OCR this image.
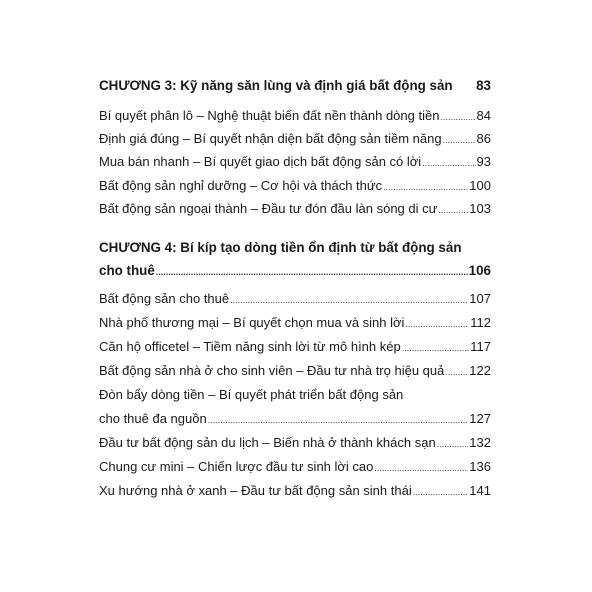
CHƯƠNG 3: Kỹ năng săn lùng và định giá bất động sản 83
Bí quyết phân lô – Nghệ thuật biến đất nền thành dòng tiền .....	84
Định giá đúng – Bí quyết nhận diện bất động sản tiềm năng .....	86
Mua bán nhanh – Bí quyết giao dịch bất động sản có lời .....	93
Bất động sản nghỉ dưỡng – Cơ hội và thách thức .....	100
Bất động sản ngoại thành – Đầu tư đón đầu làn sóng di cư ..... 103
CHƯƠNG 4: Bí kíp tạo dòng tiền ổn định từ bất động sản
cho thuê .....	106
Bất động sản cho thuê .....	107
Nhà phố thương mại – Bí quyết chọn mua và sinh lời .....	112
Căn hộ officetel – Tiềm năng sinh lời từ mô hình kép .....	117
Bất động sản nhà ở cho sinh viên – Đầu tư nhà trọ hiệu quả ..... 122
Đòn bẩy dòng tiền – Bí quyết phát triển bất động sản
cho thuê đa nguồn .....	127
Đầu tư bất động sản du lịch – Biến nhà ở thành khách sạn .....	132
Chung cư mini – Chiến lược đầu tư sinh lời cao .....	136
Xu hướng nhà ở xanh – Đầu tư bất động sản sinh thái .....	141
